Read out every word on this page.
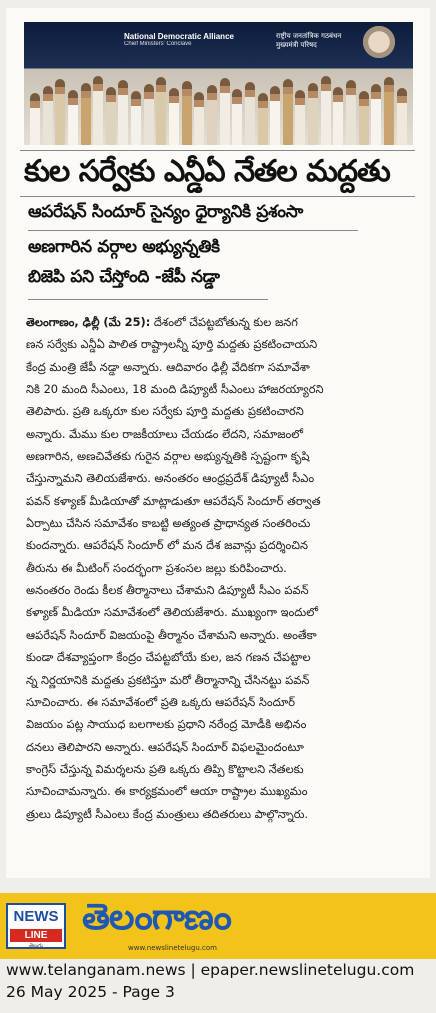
National Democratic Alliance
Chief Ministers' Conclave
राष्ट्रीय जनतांत्रिक गठबंधन मुख्यमंत्री परिषद
కుల సర్వేకు ఎన్డీఏ నేతల మద్దతు
ఆపరేషన్ సిందూర్ సైన్యం ధైర్యానికి ప్రశంసా
అణగారిన వర్గాల అభ్యున్నతికి
బిజెపి పని చేస్తోంది -జేపీ నడ్డా
తెలంగాణం, ఢిల్లీ (మే 25): దేశంలో చేపట్టబోతున్న కుల జనగ
ణన సర్వేకు ఎన్డీఏ పాలిత రాష్ట్రాలన్నీ పూర్తి మద్దతు ప్రకటించాయని
కేంద్ర మంత్రి జేపీ నడ్డా అన్నారు. ఆదివారం ఢిల్లీ వేదికగా సమావేశా
నికి 20 మంది సీఎంలు, 18 మంది డిప్యూటీ సీఎంలు హాజరయ్యారని
తెలిపారు. ప్రతి ఒక్కరూ కుల సర్వేకు పూర్తి మద్దతు ప్రకటించారని
అన్నారు. మేము కుల రాజకీయాలు చేయడం లేదని, సమాజంలో
అణగారిన, అణచివేతకు గురైన వర్గాల అభ్యున్నతికి స్పష్టంగా కృషి
చేస్తున్నామని తెలియజేశారు. అనంతరం ఆంధ్రప్రదేశ్ డిప్యూటీ సీఎం
పవన్ కళ్యాణ్ మీడియాతో మాట్లాడుతూ ఆపరేషన్ సిందూర్ తర్వాత
ఏర్పాటు చేసిన సమావేశం కాబట్టి అత్యంత ప్రాధాన్యత సంతరించు
కుందన్నారు. ఆపరేషన్ సిందూర్ లో మన దేశ జవాన్లు ప్రదర్శించిన
తీరును ఈ మీటింగ్ సందర్భంగా ప్రశంసల జల్లు కురిపించారు.
అనంతరం రెండు కీలక తీర్మానాలు చేశామని డిప్యూటీ సీఎం పవన్
కళ్యాణ్ మీడియా సమావేశంలో తెలియజేశారు. ముఖ్యంగా ఇందులో
ఆపరేషన్ సిందూర్ విజయంపై తీర్మానం చేశామని అన్నారు. అంతేకా
కుండా దేశవ్యాప్తంగా కేంద్రం చేపట్టబోయే కుల, జన గణన చేపట్టాల
న్న నిర్ణయానికి మద్దతు ప్రకటిస్తూ మరో తీర్మానాన్ని చేసినట్టు పవన్
సూచించారు. ఈ సమావేశంలో ప్రతి ఒక్కరు ఆపరేషన్ సిందూర్
విజయం పట్ల సాయుధ బలగాలకు ప్రధాని నరేంద్ర మోడీకి అభినం
దనలు తెలిపారని అన్నారు. ఆపరేషన్ సిందూర్ విఫలమైందంటూ
కాంగ్రెస్ చేస్తున్న విమర్శలను ప్రతి ఒక్కరు తిప్పి కొట్టాలని నేతలకు
సూచించామన్నారు. ఈ కార్యక్రమంలో ఆయా రాష్ట్రాల ముఖ్యమం
త్రులు డిప్యూటీ సీఎంలు కేంద్ర మంత్రులు తదితరులు పాల్గొన్నారు.
NEWS
LINE
తెలుగు
తెలంగాణం
www.newslinetelugu.com
www.telanganam.news | epaper.newslinetelugu.com
26 May 2025 - Page 3
